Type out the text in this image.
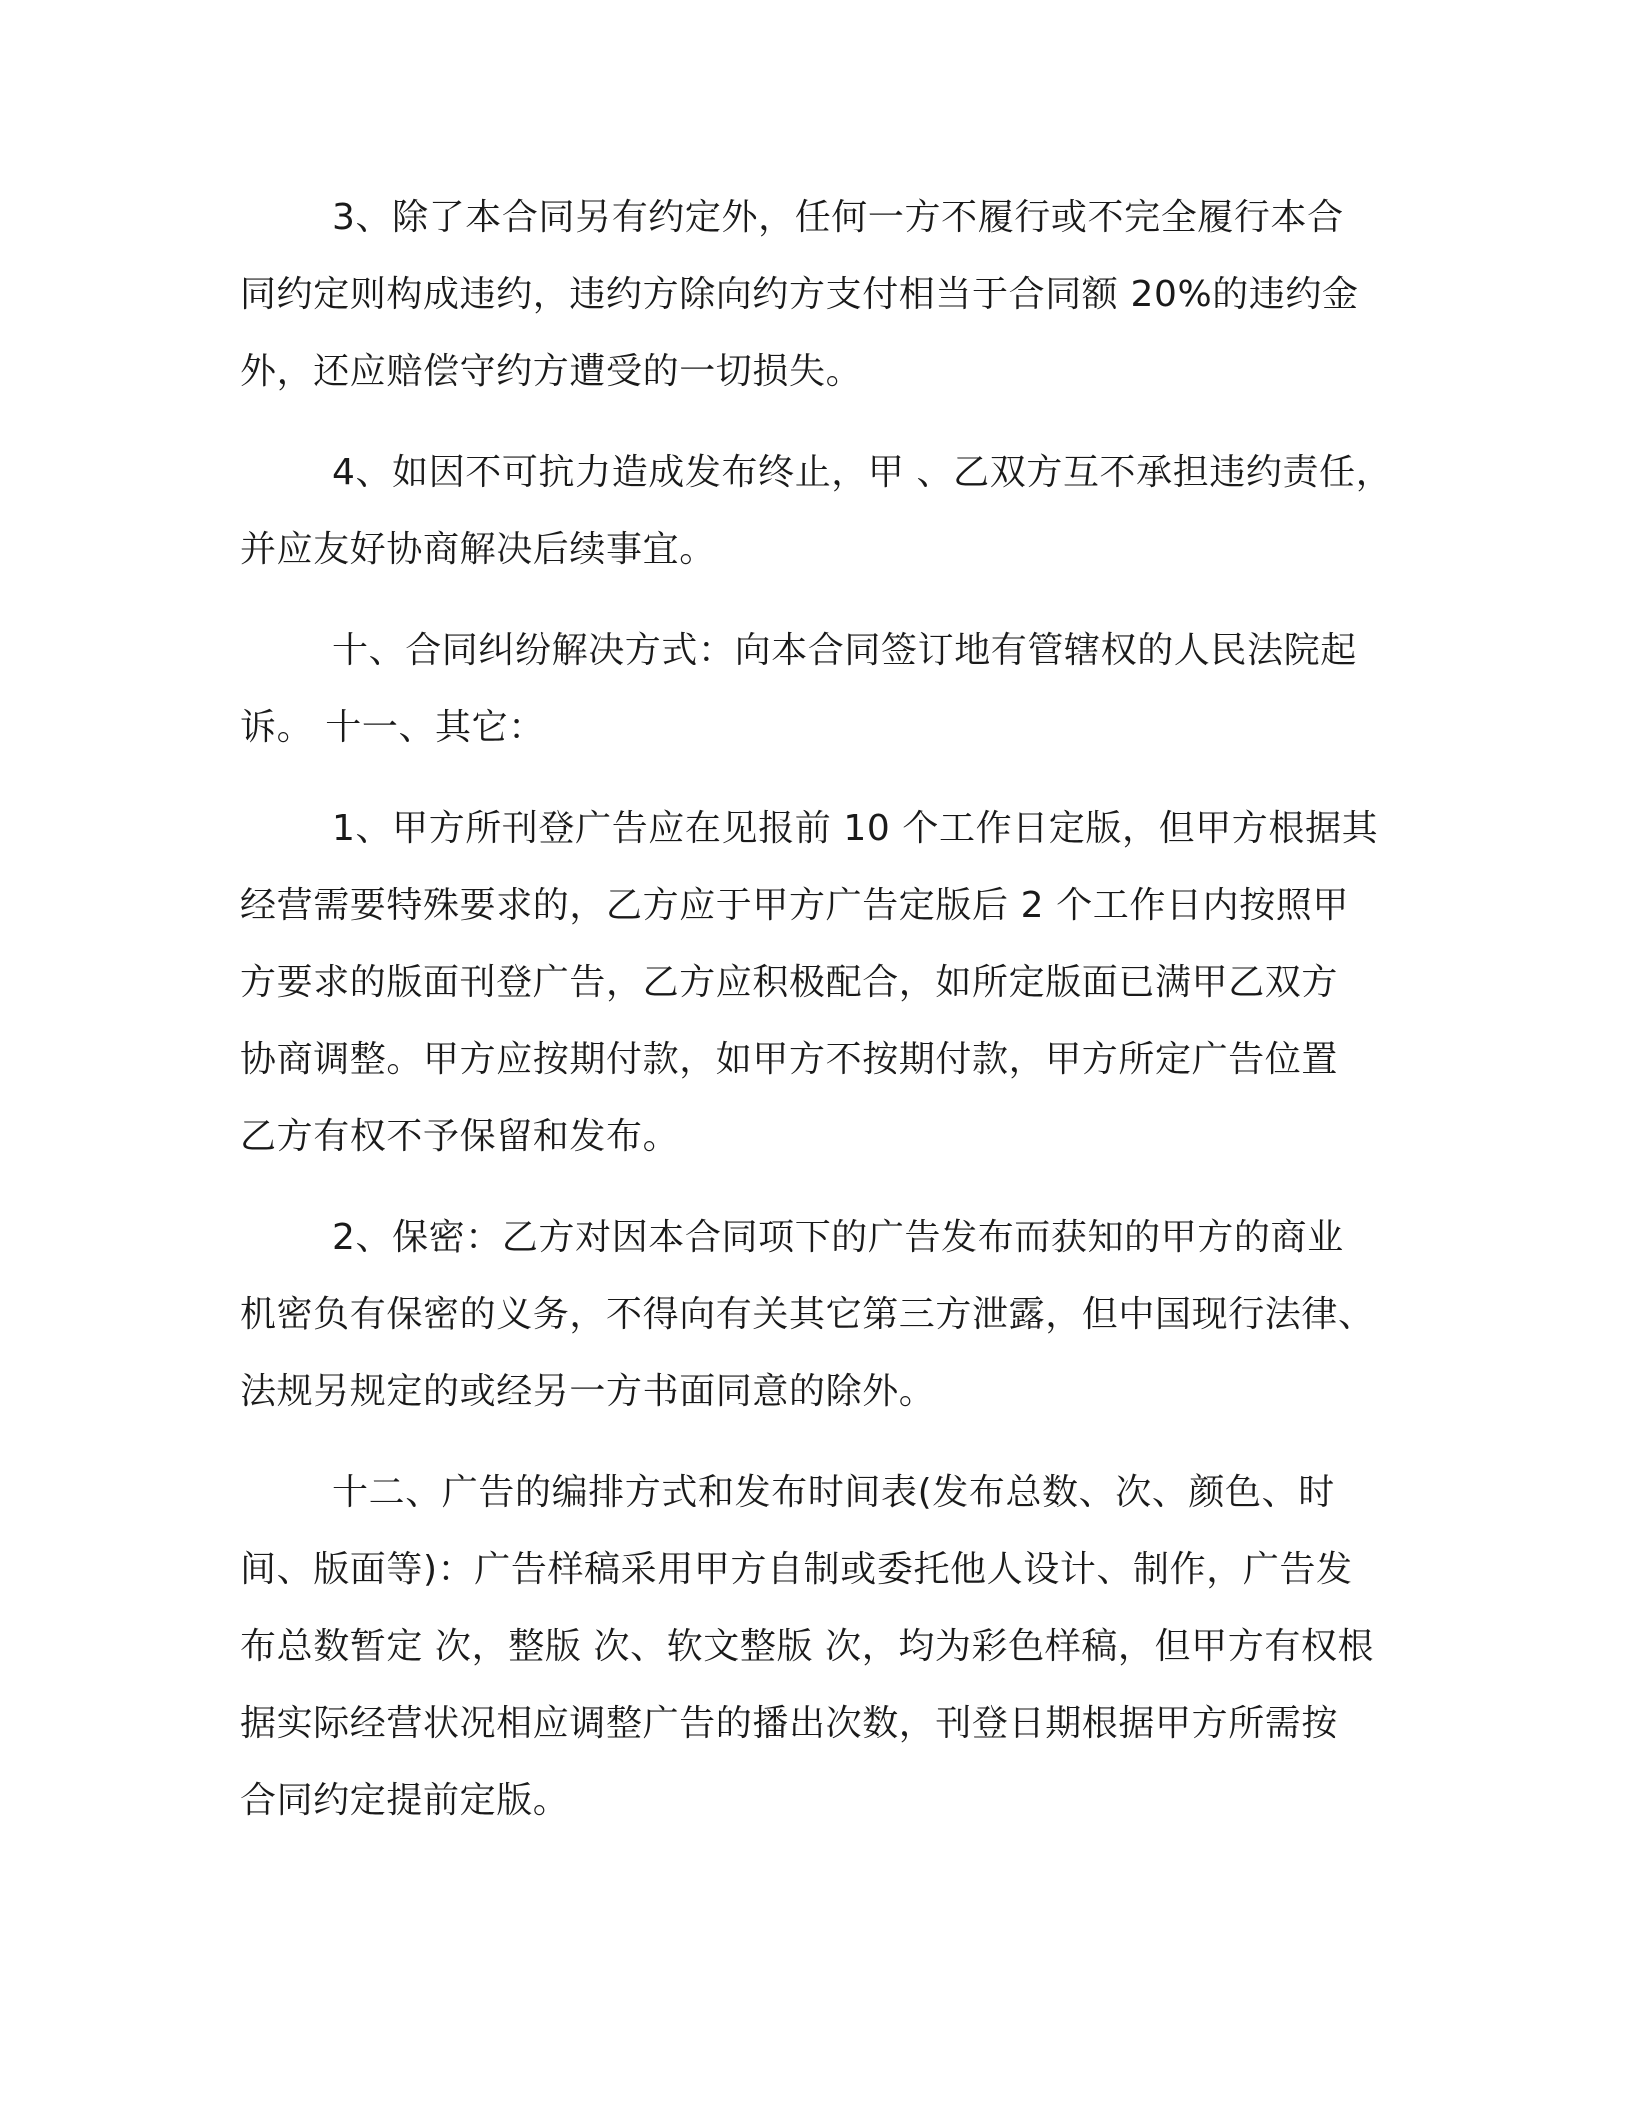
3、除了本合同另有约定外，任何一方不履行或不完全履行本合
同约定则构成违约，违约方除向约方支付相当于合同额 20%的违约金
外，还应赔偿守约方遭受的一切损失。
4、如因不可抗力造成发布终止，甲 、乙双方互不承担违约责任，
并应友好协商解决后续事宜。
十、合同纠纷解决方式：向本合同签订地有管辖权的人民法院起
诉。 十一、其它：
1、甲方所刊登广告应在见报前 10 个工作日定版，但甲方根据其
经营需要特殊要求的，乙方应于甲方广告定版后 2 个工作日内按照甲
方要求的版面刊登广告，乙方应积极配合，如所定版面已满甲乙双方
协商调整。甲方应按期付款，如甲方不按期付款，甲方所定广告位置
乙方有权不予保留和发布。
2、保密：乙方对因本合同项下的广告发布而获知的甲方的商业
机密负有保密的义务，不得向有关其它第三方泄露，但中国现行法律、
法规另规定的或经另一方书面同意的除外。
十二、广告的编排方式和发布时间表(发布总数、次、颜色、时
间、版面等)：广告样稿采用甲方自制或委托他人设计、制作，广告发
布总数暂定 次，整版 次、软文整版 次，均为彩色样稿，但甲方有权根
据实际经营状况相应调整广告的播出次数，刊登日期根据甲方所需按
合同约定提前定版。
